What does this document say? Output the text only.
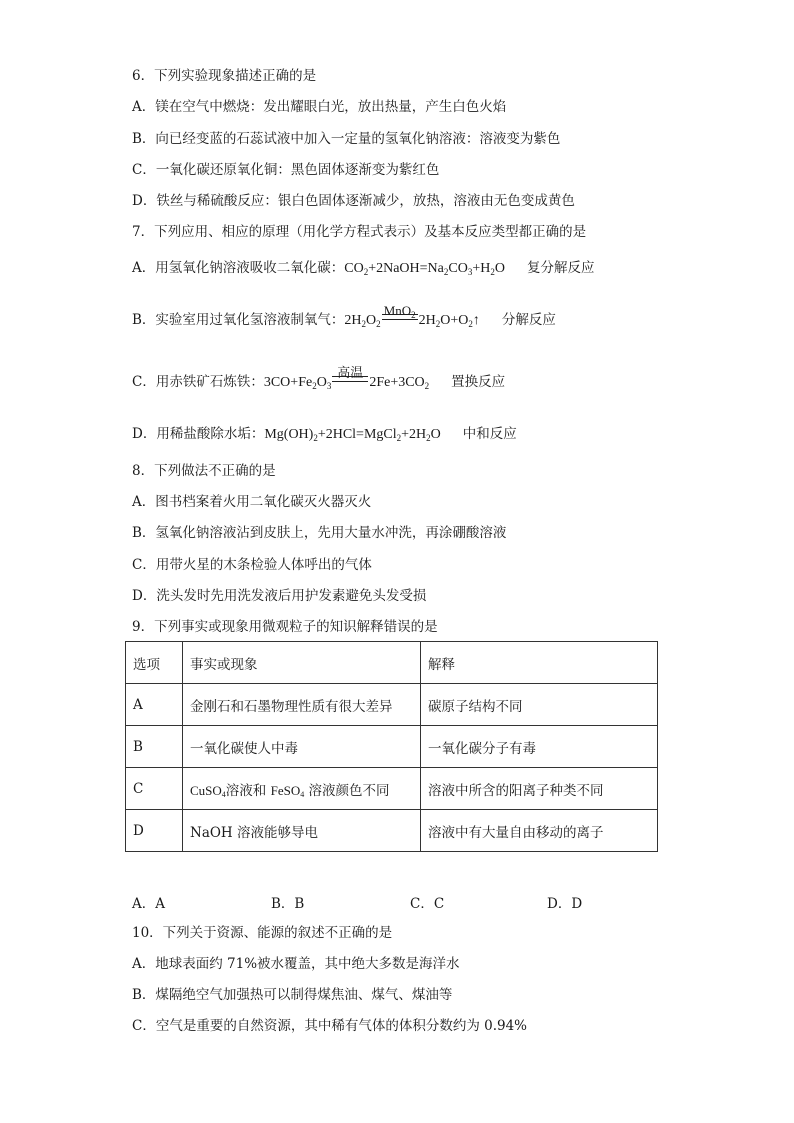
6．下列实验现象描述正确的是
A．镁在空气中燃烧：发出耀眼白光，放出热量，产生白色火焰
B．向已经变蓝的石蕊试液中加入一定量的氢氧化钠溶液：溶液变为紫色
C．一氧化碳还原氧化铜：黑色固体逐渐变为紫红色
D．铁丝与稀硫酸反应：银白色固体逐渐减少，放热，溶液由无色变成黄色
7．下列应用、相应的原理（用化学方程式表示）及基本反应类型都正确的是
A．用氢氧化钠溶液吸收二氧化碳：$CO_2+2NaOH=Na_2CO_3+H_2O$ 复分解反应
B．实验室用过氧化氢溶液制氧气：$2H_2O_2$
MnO$_2$ $2H_2O+O_2↑$ 分解反应
C．用赤铁矿石炼铁：$3CO+Fe_2O_3$
高温
$2Fe+3CO_2$ 置换反应
D．用稀盐酸除水垢：$Mg(OH)_2+2HCl=MgCl_2+2H_2O$ 中和反应
8．下列做法不正确的是
A．图书档案着火用二氧化碳灭火器灭火
B．氢氧化钠溶液沾到皮肤上，先用大量水冲洗，再涂硼酸溶液
C．用带火星的木条检验人体呼出的气体
D．洗头发时先用洗发液后用护发素避免头发受损
9．下列事实或现象用微观粒子的知识解释错误的是
选项	事实或现象	解释
A	金刚石和石墨物理性质有很大差异	碳原子结构不同
B	一氧化碳使人中毒	一氧化碳分子有毒
C	CuSO$_4$溶液和 FeSO$_4$ 溶液颜色不同	溶液中所含的阳离子种类不同
D	NaOH 溶液能够导电	溶液中有大量自由移动的离子
A．A	B．B	C．C	D．D
10．下列关于资源、能源的叙述不正确的是
A．地球表面约 71%被水覆盖，其中绝大多数是海洋水
B．煤隔绝空气加强热可以制得煤焦油、煤气、煤油等
C．空气是重要的自然资源，其中稀有气体的体积分数约为 0.94%
